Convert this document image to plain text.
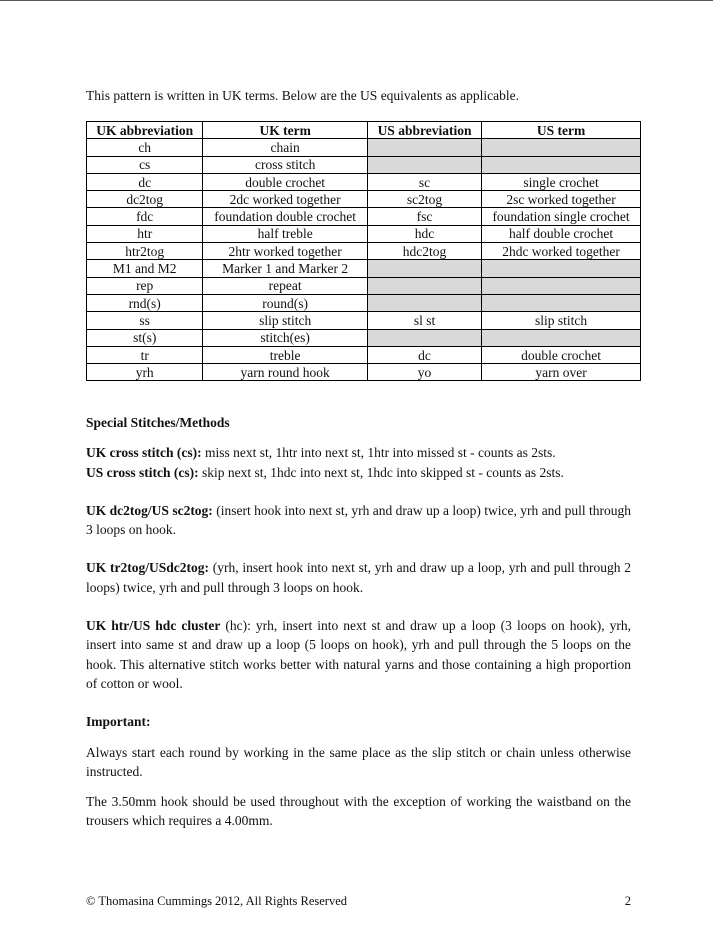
This pattern is written in UK terms. Below are the US equivalents as applicable.
UK abbreviation	UK term	US abbreviation	US term
ch	chain		
cs	cross stitch		
dc	double crochet	sc	single crochet
dc2tog	2dc worked together	sc2tog	2sc worked together
fdc	foundation double crochet	fsc	foundation single crochet
htr	half treble	hdc	half double crochet
htr2tog	2htr worked together	hdc2tog	2hdc worked together
M1 and M2	Marker 1 and Marker 2		
rep	repeat		
rnd(s)	round(s)		
ss	slip stitch	sl st	slip stitch
st(s)	stitch(es)		
tr	treble	dc	double crochet
yrh	yarn round hook	yo	yarn over

Special Stitches/Methods

UK cross stitch (cs): miss next st, 1htr into next st, 1htr into missed st - counts as 2sts.

US cross stitch (cs): skip next st, 1hdc into next st, 1hdc into skipped st - counts as 2sts.

UK dc2tog/US sc2tog: (insert hook into next st, yrh and draw up a loop) twice, yrh and pull through 3 loops on hook.

UK tr2tog/USdc2tog: (yrh, insert hook into next st, yrh and draw up a loop, yrh and pull through 2 loops) twice, yrh and pull through 3 loops on hook.

UK htr/US hdc cluster (hc): yrh, insert into next st and draw up a loop (3 loops on hook), yrh, insert into same st and draw up a loop (5 loops on hook), yrh and pull through the 5 loops on the hook. This alternative stitch works better with natural yarns and those containing a high proportion of cotton or wool.

Important:

Always start each round by working in the same place as the slip stitch or chain unless otherwise instructed.

The 3.50mm hook should be used throughout with the exception of working the waistband on the trousers which requires a 4.00mm.

© Thomasina Cummings 2012, All Rights Reserved	2
